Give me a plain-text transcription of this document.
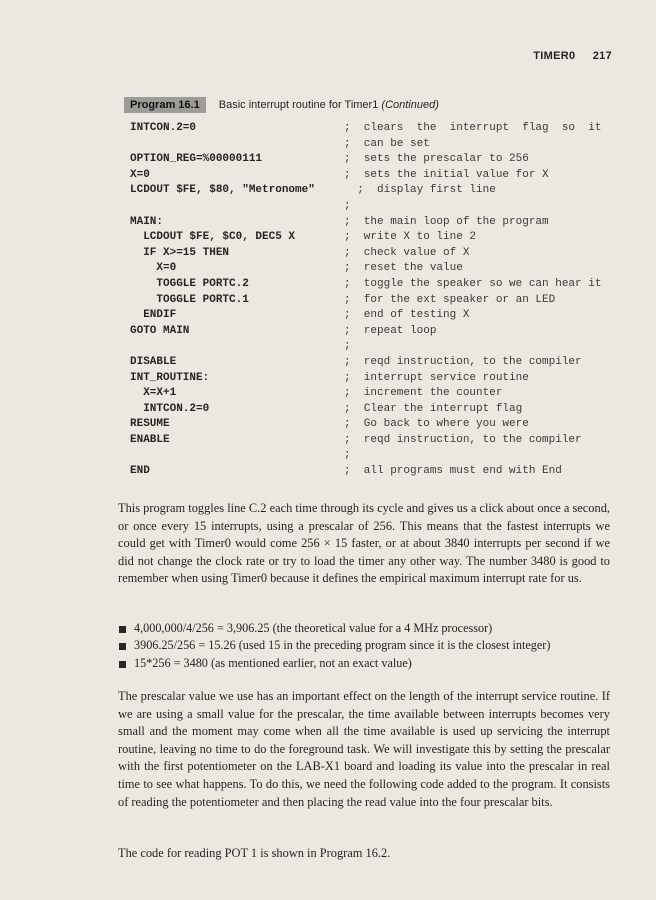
TIMER0 217
Program 16.1 Basic interrupt routine for Timer1 (Continued)
INTCON.2=0	;  clears  the  interrupt  flag  so  it
;  can be set
OPTION_REG=%00000111	;  sets the prescalar to 256
X=0	;  sets the initial value for X
LCDOUT $FE, $80, "Metronome"	;  display first line
;
MAIN:	;  the main loop of the program
LCDOUT $FE, $C0, DEC5 X	;  write X to line 2
IF X>=15 THEN	;  check value of X
X=0	;  reset the value
TOGGLE PORTC.2	;  toggle the speaker so we can hear it
TOGGLE PORTC.1	;  for the ext speaker or an LED
ENDIF	;  end of testing X
GOTO MAIN	;  repeat loop
;
DISABLE	;  reqd instruction, to the compiler
INT_ROUTINE:	;  interrupt service routine
X=X+1	;  increment the counter
INTCON.2=0	;  Clear the interrupt flag
RESUME	;  Go back to where you were
ENABLE	;  reqd instruction, to the compiler
;
END	;  all programs must end with End

This program toggles line C.2 each time through its cycle and gives us a click about once a second, or once every 15 interrupts, using a prescalar of 256. This means that the fastest interrupts we could get with Timer0 would come 256 × 15 faster, or at about 3840 interrupts per second if we did not change the clock rate or try to load the timer any other way. The number 3480 is good to remember when using Timer0 because it defines the empirical maximum interrupt rate for us.

4,000,000/4/256 = 3,906.25 (the theoretical value for a 4 MHz processor)
3906.25/256 = 15.26 (used 15 in the preceding program since it is the closest integer)
15*256 = 3480 (as mentioned earlier, not an exact value)

The prescalar value we use has an important effect on the length of the interrupt service routine. If we are using a small value for the prescalar, the time available between interrupts becomes very small and the moment may come when all the time available is used up servicing the interrupt routine, leaving no time to do the foreground task. We will investigate this by setting the prescalar with the first potentiometer on the LAB-X1 board and loading its value into the prescalar in real time to see what happens. To do this, we need the following code added to the program. It consists of reading the potentiometer and then placing the read value into the four prescalar bits.

The code for reading POT 1 is shown in Program 16.2.
